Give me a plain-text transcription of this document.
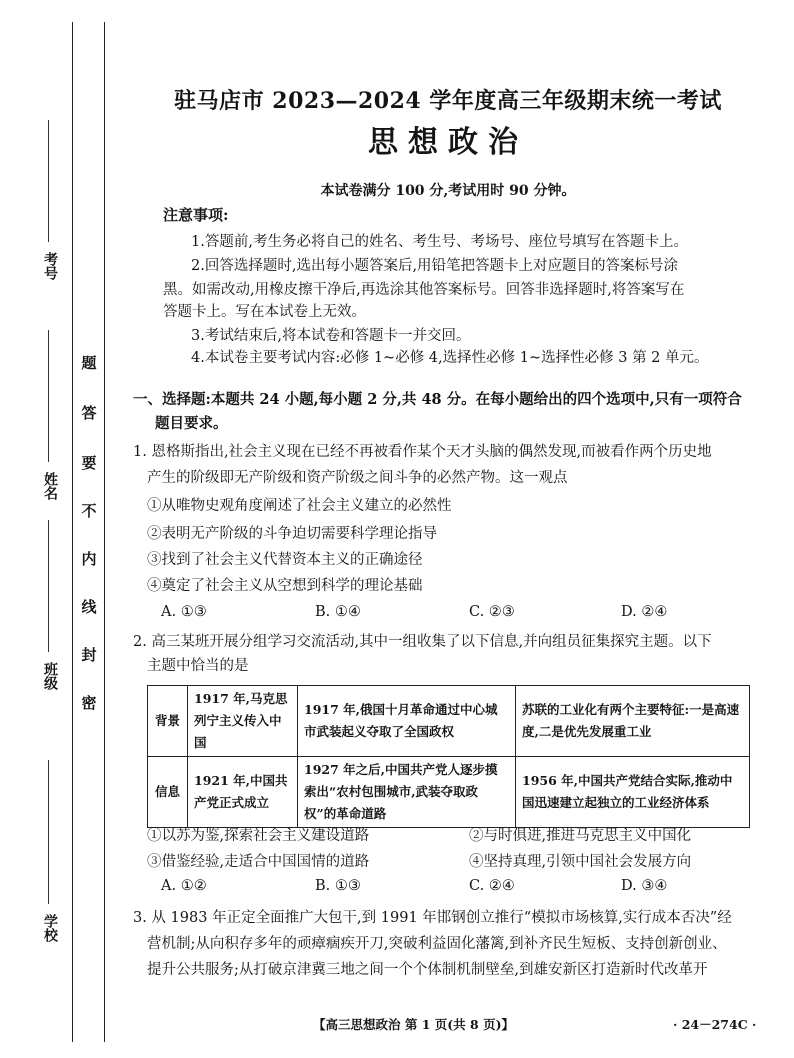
考号
姓名
班级
学校
题
答
要
不
内
线
封
密
驻马店市 2023—2024 学年度高三年级期末统一考试
思想政治
本试卷满分 100 分,考试用时 90 分钟。
注意事项:
1.答题前,考生务必将自己的姓名、考生号、考场号、座位号填写在答题卡上。
2.回答选择题时,选出每小题答案后,用铅笔把答题卡上对应题目的答案标号涂
黑。如需改动,用橡皮擦干净后,再选涂其他答案标号。回答非选择题时,将答案写在
答题卡上。写在本试卷上无效。
3.考试结束后,将本试卷和答题卡一并交回。
4.本试卷主要考试内容:必修 1~必修 4,选择性必修 1~选择性必修 3 第 2 单元。
一、选择题:本题共 24 小题,每小题 2 分,共 48 分。在每小题给出的四个选项中,只有一项符合
题目要求。
1. 恩格斯指出,社会主义现在已经不再被看作某个天才头脑的偶然发现,而被看作两个历史地
产生的阶级即无产阶级和资产阶级之间斗争的必然产物。这一观点
①从唯物史观角度阐述了社会主义建立的必然性
②表明无产阶级的斗争迫切需要科学理论指导
③找到了社会主义代替资本主义的正确途径
④奠定了社会主义从空想到科学的理论基础
A. ①③	B. ①④	C. ②③	D. ②④
2. 高三某班开展分组学习交流活动,其中一组收集了以下信息,并向组员征集探究主题。以下
主题中恰当的是
背景	1917 年,马克思列宁主义传入中国	1917 年,俄国十月革命通过中心城市武装起义夺取了全国政权	苏联的工业化有两个主要特征:一是高速度,二是优先发展重工业
信息	1921 年,中国共产党正式成立	1927 年之后,中国共产党人逐步摸索出“农村包围城市,武装夺取政权”的革命道路	1956 年,中国共产党结合实际,推动中国迅速建立起独立的工业经济体系
①以苏为鉴,探索社会主义建设道路	②与时俱进,推进马克思主义中国化
③借鉴经验,走适合中国国情的道路	④坚持真理,引领中国社会发展方向
A. ①②	B. ①③	C. ②④	D. ③④
3. 从 1983 年正定全面推广大包干,到 1991 年邯钢创立推行“模拟市场核算,实行成本否决”经
营机制;从向积存多年的顽瘴痼疾开刀,突破利益固化藩篱,到补齐民生短板、支持创新创业、
提升公共服务;从打破京津冀三地之间一个个体制机制壁垒,到雄安新区打造新时代改革开
【高三思想政治 第 1 页(共 8 页)】	· 24－274C ·
